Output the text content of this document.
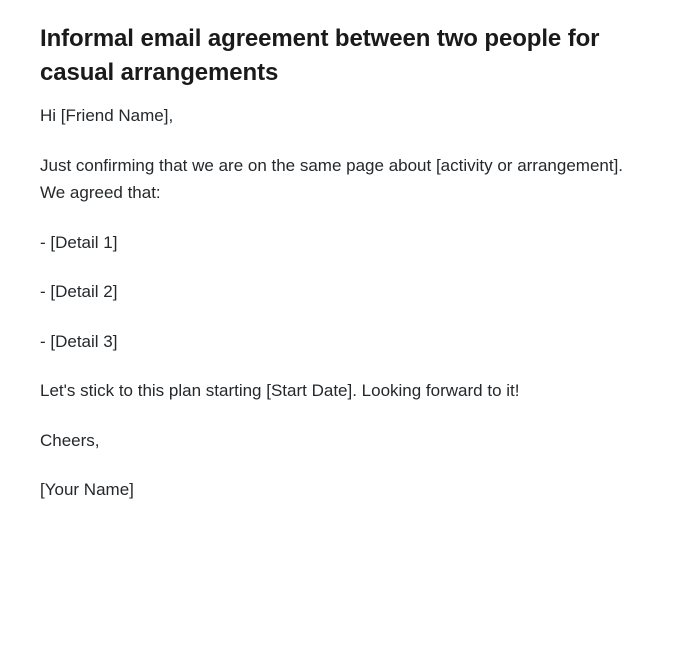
Informal email agreement between two people for casual arrangements

Hi [Friend Name],

Just confirming that we are on the same page about [activity or arrangement]. We agreed that:

- [Detail 1]

- [Detail 2]

- [Detail 3]

Let's stick to this plan starting [Start Date]. Looking forward to it!

Cheers,

[Your Name]
